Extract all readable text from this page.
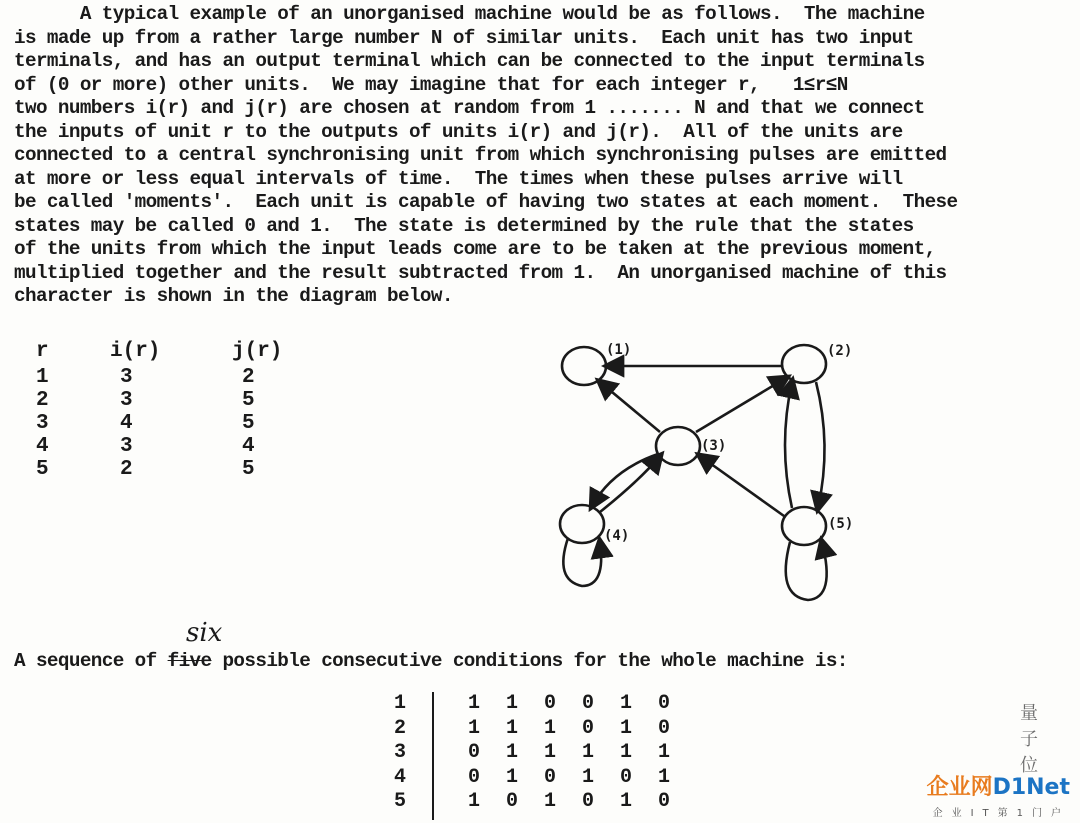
A typical example of an unorganised machine would be as follows.  The machine
is made up from a rather large number N of similar units.  Each unit has two input
terminals, and has an output terminal which can be connected to the input terminals
of (0 or more) other units.  We may imagine that for each integer r,   1≤r≤N
two numbers i(r) and j(r) are chosen at random from 1 ....... N and that we connect
the inputs of unit r to the outputs of units i(r) and j(r).  All of the units are
connected to a central synchronising unit from which synchronising pulses are emitted
at more or less equal intervals of time.  The times when these pulses arrive will
be called 'moments'.  Each unit is capable of having two states at each moment.  These
states may be called 0 and 1.  The state is determined by the rule that the states
of the units from which the input leads come are to be taken at the previous moment,
multiplied together and the result subtracted from 1.  An unorganised machine of this
character is shown in the diagram below.
r	i(r)	j(r)
1	3	2
2	3	5
3	4	5
4	3	4
5	2	5
(1)	(2)
(3)
(4)
(5)
six
A sequence of five possible consecutive conditions for the whole machine is:
1	1 1 0 0 1 0
2	1 1 1 0 1 0
3	0 1 1 1 1 1
4	0 1 0 1 0 1
5	1 0 1 0 1 0
量子位
企业网D1Net
企业IT第1门户
